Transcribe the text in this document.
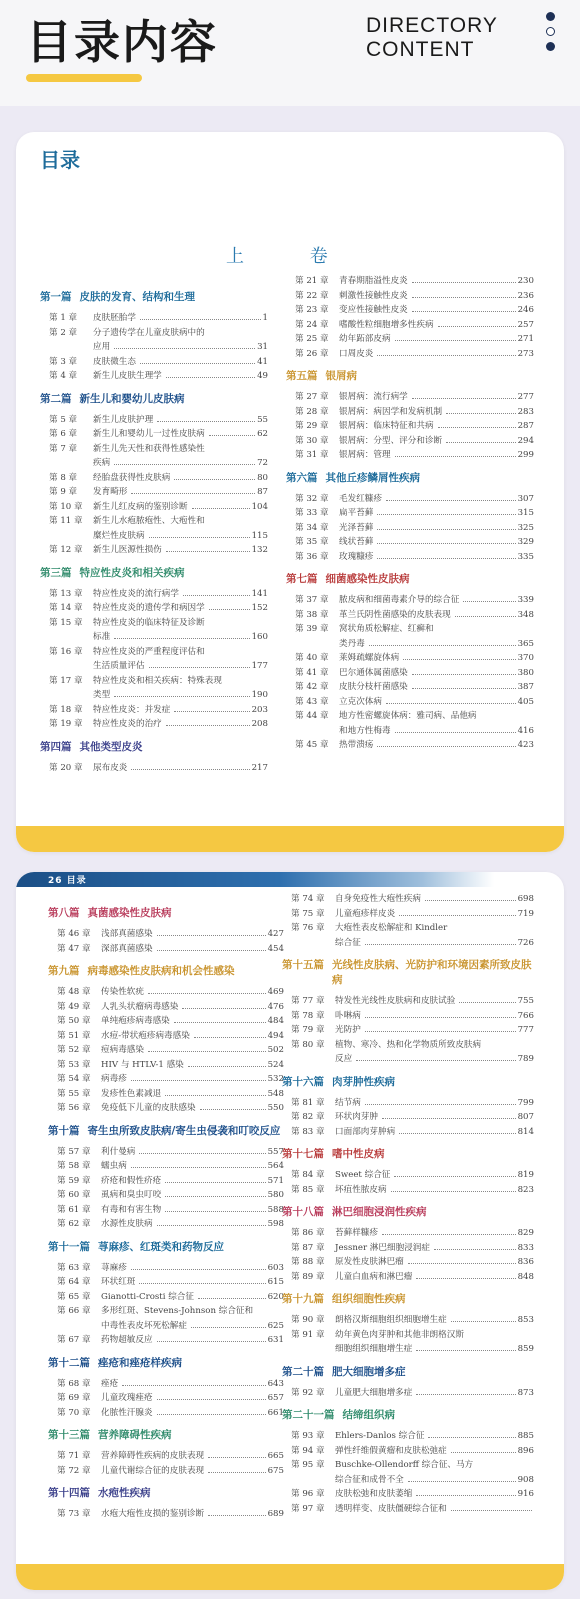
目录内容	DIRECTORY
CONTENT
目录
上 卷
第一篇 皮肤的发育、结构和生理
第 1 章	皮肤胚胎学	1
第 2 章	分子遗传学在儿童皮肤病中的
应用	31
第 3 章	皮肤微生态	41
第 4 章	新生儿皮肤生理学	49
第二篇 新生儿和婴幼儿皮肤病
第 5 章	新生儿皮肤护理	55
第 6 章	新生儿和婴幼儿一过性皮肤病	62
第 7 章	新生儿先天性和获得性感染性
疾病	72
第 8 章	经胎盘获得性皮肤病	80
第 9 章	发育畸形	87
第 10 章	新生儿红皮病的鉴别诊断	104
第 11 章	新生儿水疱脓疱性、大疱性和
糜烂性皮肤病	115
第 12 章	新生儿医源性损伤	132
第三篇 特应性皮炎和相关疾病
第 13 章	特应性皮炎的流行病学	141
第 14 章	特应性皮炎的遗传学和病因学	152
第 15 章	特应性皮炎的临床特征及诊断
标准	160
第 16 章	特应性皮炎的严重程度评估和
生活质量评估	177
第 17 章	特应性皮炎和相关疾病：特殊表现
类型	190
第 18 章	特应性皮炎：并发症	203
第 19 章	特应性皮炎的治疗	208
第四篇 其他类型皮炎
第 20 章	尿布皮炎	217
第 21 章	青春期脂溢性皮炎	230
第 22 章	刺激性接触性皮炎	236
第 23 章	变应性接触性皮炎	246
第 24 章	嗜酸性粒细胞增多性疾病	257
第 25 章	幼年跖部皮病	271
第 26 章	口周皮炎	273
第五篇 银屑病
第 27 章	银屑病：流行病学	277
第 28 章	银屑病：病因学和发病机制	283
第 29 章	银屑病：临床特征和共病	287
第 30 章	银屑病：分型、评分和诊断	294
第 31 章	银屑病：管理	299
第六篇 其他丘疹鳞屑性疾病
第 32 章	毛发红糠疹	307
第 33 章	扁平苔藓	315
第 34 章	光泽苔藓	325
第 35 章	线状苔藓	329
第 36 章	玫瑰糠疹	335
第七篇 细菌感染性皮肤病
第 37 章	脓皮病和细菌毒素介导的综合征	339
第 38 章	革兰氏阴性菌感染的皮肤表现	348
第 39 章	窝状角质松解症、红癣和
类丹毒	365
第 40 章	莱姆疏螺旋体病	370
第 41 章	巴尔通体属菌感染	380
第 42 章	皮肤分枝杆菌感染	387
第 43 章	立克次体病	405
第 44 章	地方性密螺旋体病：雅司病、品他病
和地方性梅毒	416
第 45 章	热带溃疡	423
26 目录
第八篇 真菌感染性皮肤病
第 46 章	浅部真菌感染	427
第 47 章	深部真菌感染	454
第九篇 病毒感染性皮肤病和机会性感染
第 48 章	传染性软疣	469
第 49 章	人乳头状瘤病毒感染	476
第 50 章	单纯疱疹病毒感染	484
第 51 章	水痘-带状疱疹病毒感染	494
第 52 章	痘病毒感染	502
第 53 章	HIV 与 HTLV-1 感染	524
第 54 章	病毒疹	532
第 55 章	发疹性色素减退	548
第 56 章	免疫低下儿童的皮肤感染	550
第十篇 寄生虫所致皮肤病/寄生虫侵袭和叮咬反应
第 57 章	利什曼病	557
第 58 章	蠕虫病	564
第 59 章	疥疮和假性疥疮	571
第 60 章	虱病和臭虫叮咬	580
第 61 章	有毒和有害生物	588
第 62 章	水源性皮肤病	598
第十一篇 荨麻疹、红斑类和药物反应
第 63 章	荨麻疹	603
第 64 章	环状红斑	615
第 65 章	Gianotti-Crosti 综合征	620
第 66 章	多形红斑、Stevens-Johnson 综合征和
中毒性表皮坏死松解症	625
第 67 章	药物超敏反应	631
第十二篇 痤疮和痤疮样疾病
第 68 章	痤疮	643
第 69 章	儿童玫瑰痤疮	657
第 70 章	化脓性汗腺炎	661
第十三篇 营养障碍性疾病
第 71 章	营养障碍性疾病的皮肤表现	665
第 72 章	儿童代谢综合征的皮肤表现	675
第十四篇 水疱性疾病
第 73 章	水疱大疱性皮损的鉴别诊断	689
第 74 章	自身免疫性大疱性疾病	698
第 75 章	儿童疱疹样皮炎	719
第 76 章	大疱性表皮松解症和 Kindler
综合征	726
第十五篇 光线性皮肤病、光防护和环境因素所致皮肤病
第 77 章	特发性光线性皮肤病和皮肤试验	755
第 78 章	卟啉病	766
第 79 章	光防护	777
第 80 章	植物、寒冷、热和化学物质所致皮肤病
反应	789
第十六篇 肉芽肿性疾病
第 81 章	结节病	799
第 82 章	环状肉芽肿	807
第 83 章	口面部肉芽肿病	814
第十七篇 嗜中性皮病
第 84 章	Sweet 综合征	819
第 85 章	坏疽性脓皮病	823
第十八篇 淋巴细胞浸润性疾病
第 86 章	苔藓样糠疹	829
第 87 章	Jessner 淋巴细胞浸润症	833
第 88 章	原发性皮肤淋巴瘤	836
第 89 章	儿童白血病和淋巴瘤	848
第十九篇 组织细胞性疾病
第 90 章	朗格汉斯细胞组织细胞增生症	853
第 91 章	幼年黄色肉芽肿和其他非朗格汉斯
细胞组织细胞增生症	859
第二十篇 肥大细胞增多症
第 92 章	儿童肥大细胞增多症	873
第二十一篇 结缔组织病
第 93 章	Ehlers-Danlos 综合征	885
第 94 章	弹性纤维假黄瘤和皮肤松弛症	896
第 95 章	Buschke-Ollendorff 综合征、马方
综合征和成骨不全	908
第 96 章	皮肤松弛和皮肤萎缩	916
第 97 章	透明样变、皮肤僵硬综合征和
